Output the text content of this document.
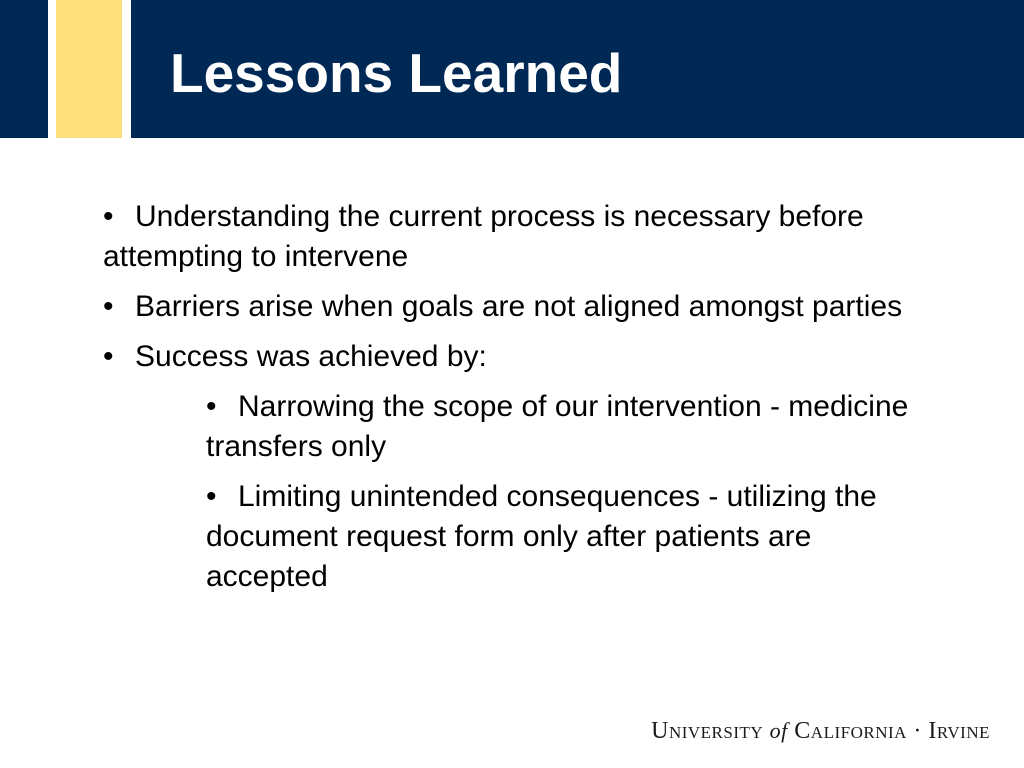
Lessons Learned

• Understanding the current process is necessary before attempting to intervene

• Barriers arise when goals are not aligned amongst parties

• Success was achieved by:

• Narrowing the scope of our intervention - medicine transfers only

• Limiting unintended consequences - utilizing the document request form only after patients are accepted

University of California · Irvine
